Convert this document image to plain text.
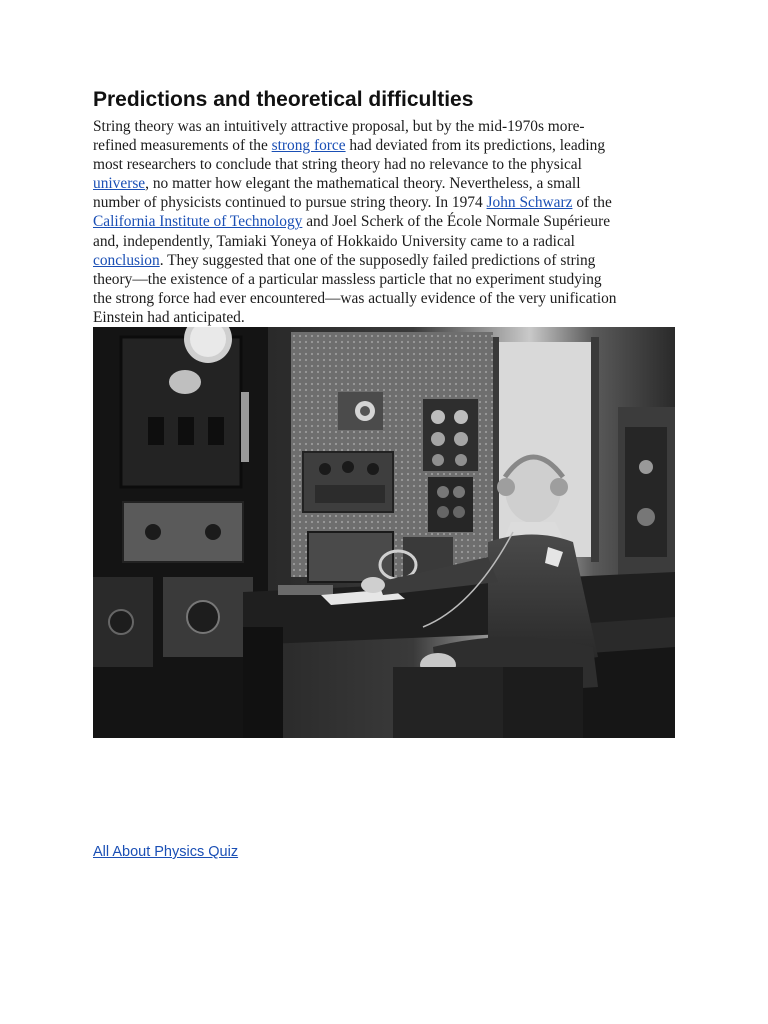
Predictions and theoretical difficulties

String theory was an intuitively attractive proposal, but by the mid-1970s more-
refined measurements of the strong force had deviated from its predictions, leading
most researchers to conclude that string theory had no relevance to the physical
universe, no matter how elegant the mathematical theory. Nevertheless, a small
number of physicists continued to pursue string theory. In 1974 John Schwarz of the
California Institute of Technology and Joel Scherk of the École Normale Supérieure
and, independently, Tamiaki Yoneya of Hokkaido University came to a radical
conclusion. They suggested that one of the supposedly failed predictions of string
theory—the existence of a particular massless particle that no experiment studying
the strong force had ever encountered—was actually evidence of the very unification
Einstein had anticipated.

All About Physics Quiz
